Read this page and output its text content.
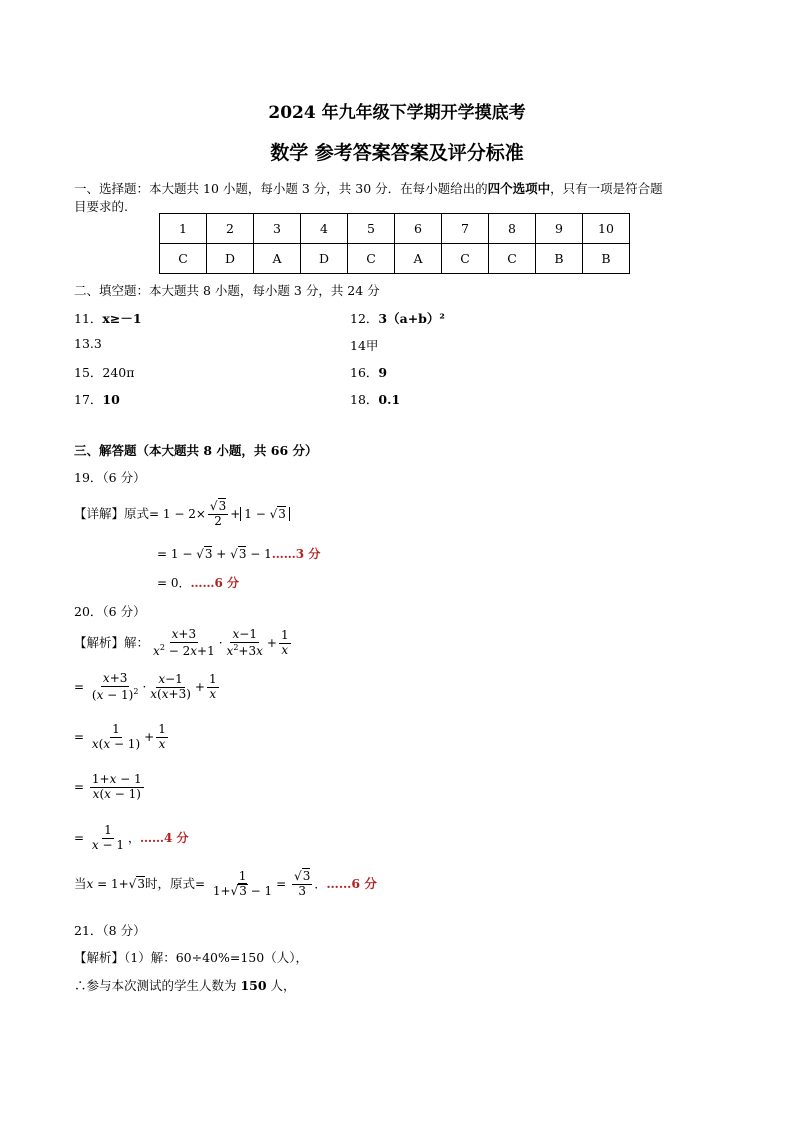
2024 年九年级下学期开学摸底考
数学 参考答案答案及评分标准
一、选择题：本大题共 10 小题，每小题 3 分，共 30 分．在每小题给出的四个选项中，只有一项是符合题
目要求的.
1	2	3	4	5	6	7	8	9	10
C	D	A	D	C	A	C	C	B	B
二、填空题：本大题共 8 小题，每小题 3 分，共 24 分
11．x≥－1	12．3（a+b）²
13.3	14甲
15．240π	16．9
17．10	18．0.1
三、解答题（本大题共 8 小题，共 66 分）
19．（6 分）
【详解】原式= $1 - 2\times \frac{√3}{2} + 1 - √3$
= 1 − √3 + √3 − 1……3 分
= 0．……6 分
20．（6 分）
【解析】解： $\frac{x+3}{x^2 - 2x+1} \cdot \frac{x-1}{x^2+3x} + \frac{1}{x}$
= $\frac{x+3}{(x - 1)^2} \cdot \frac{x-1}{x(x+3)} + \frac{1}{x}$
= $\frac{1}{x(x - 1)} + \frac{1}{x}$
= $\frac{1+x - 1}{x(x - 1)}$
= $\frac{1}{x - 1}$ ，……4 分
当x = 1+√3时，原式= $\frac{1}{1+√3 - 1} = \frac{√3}{3}$ ．……6 分
21．（8 分）
【解析】（1）解：60÷40%=150（人），
∴参与本次测试的学生人数为 150 人，
